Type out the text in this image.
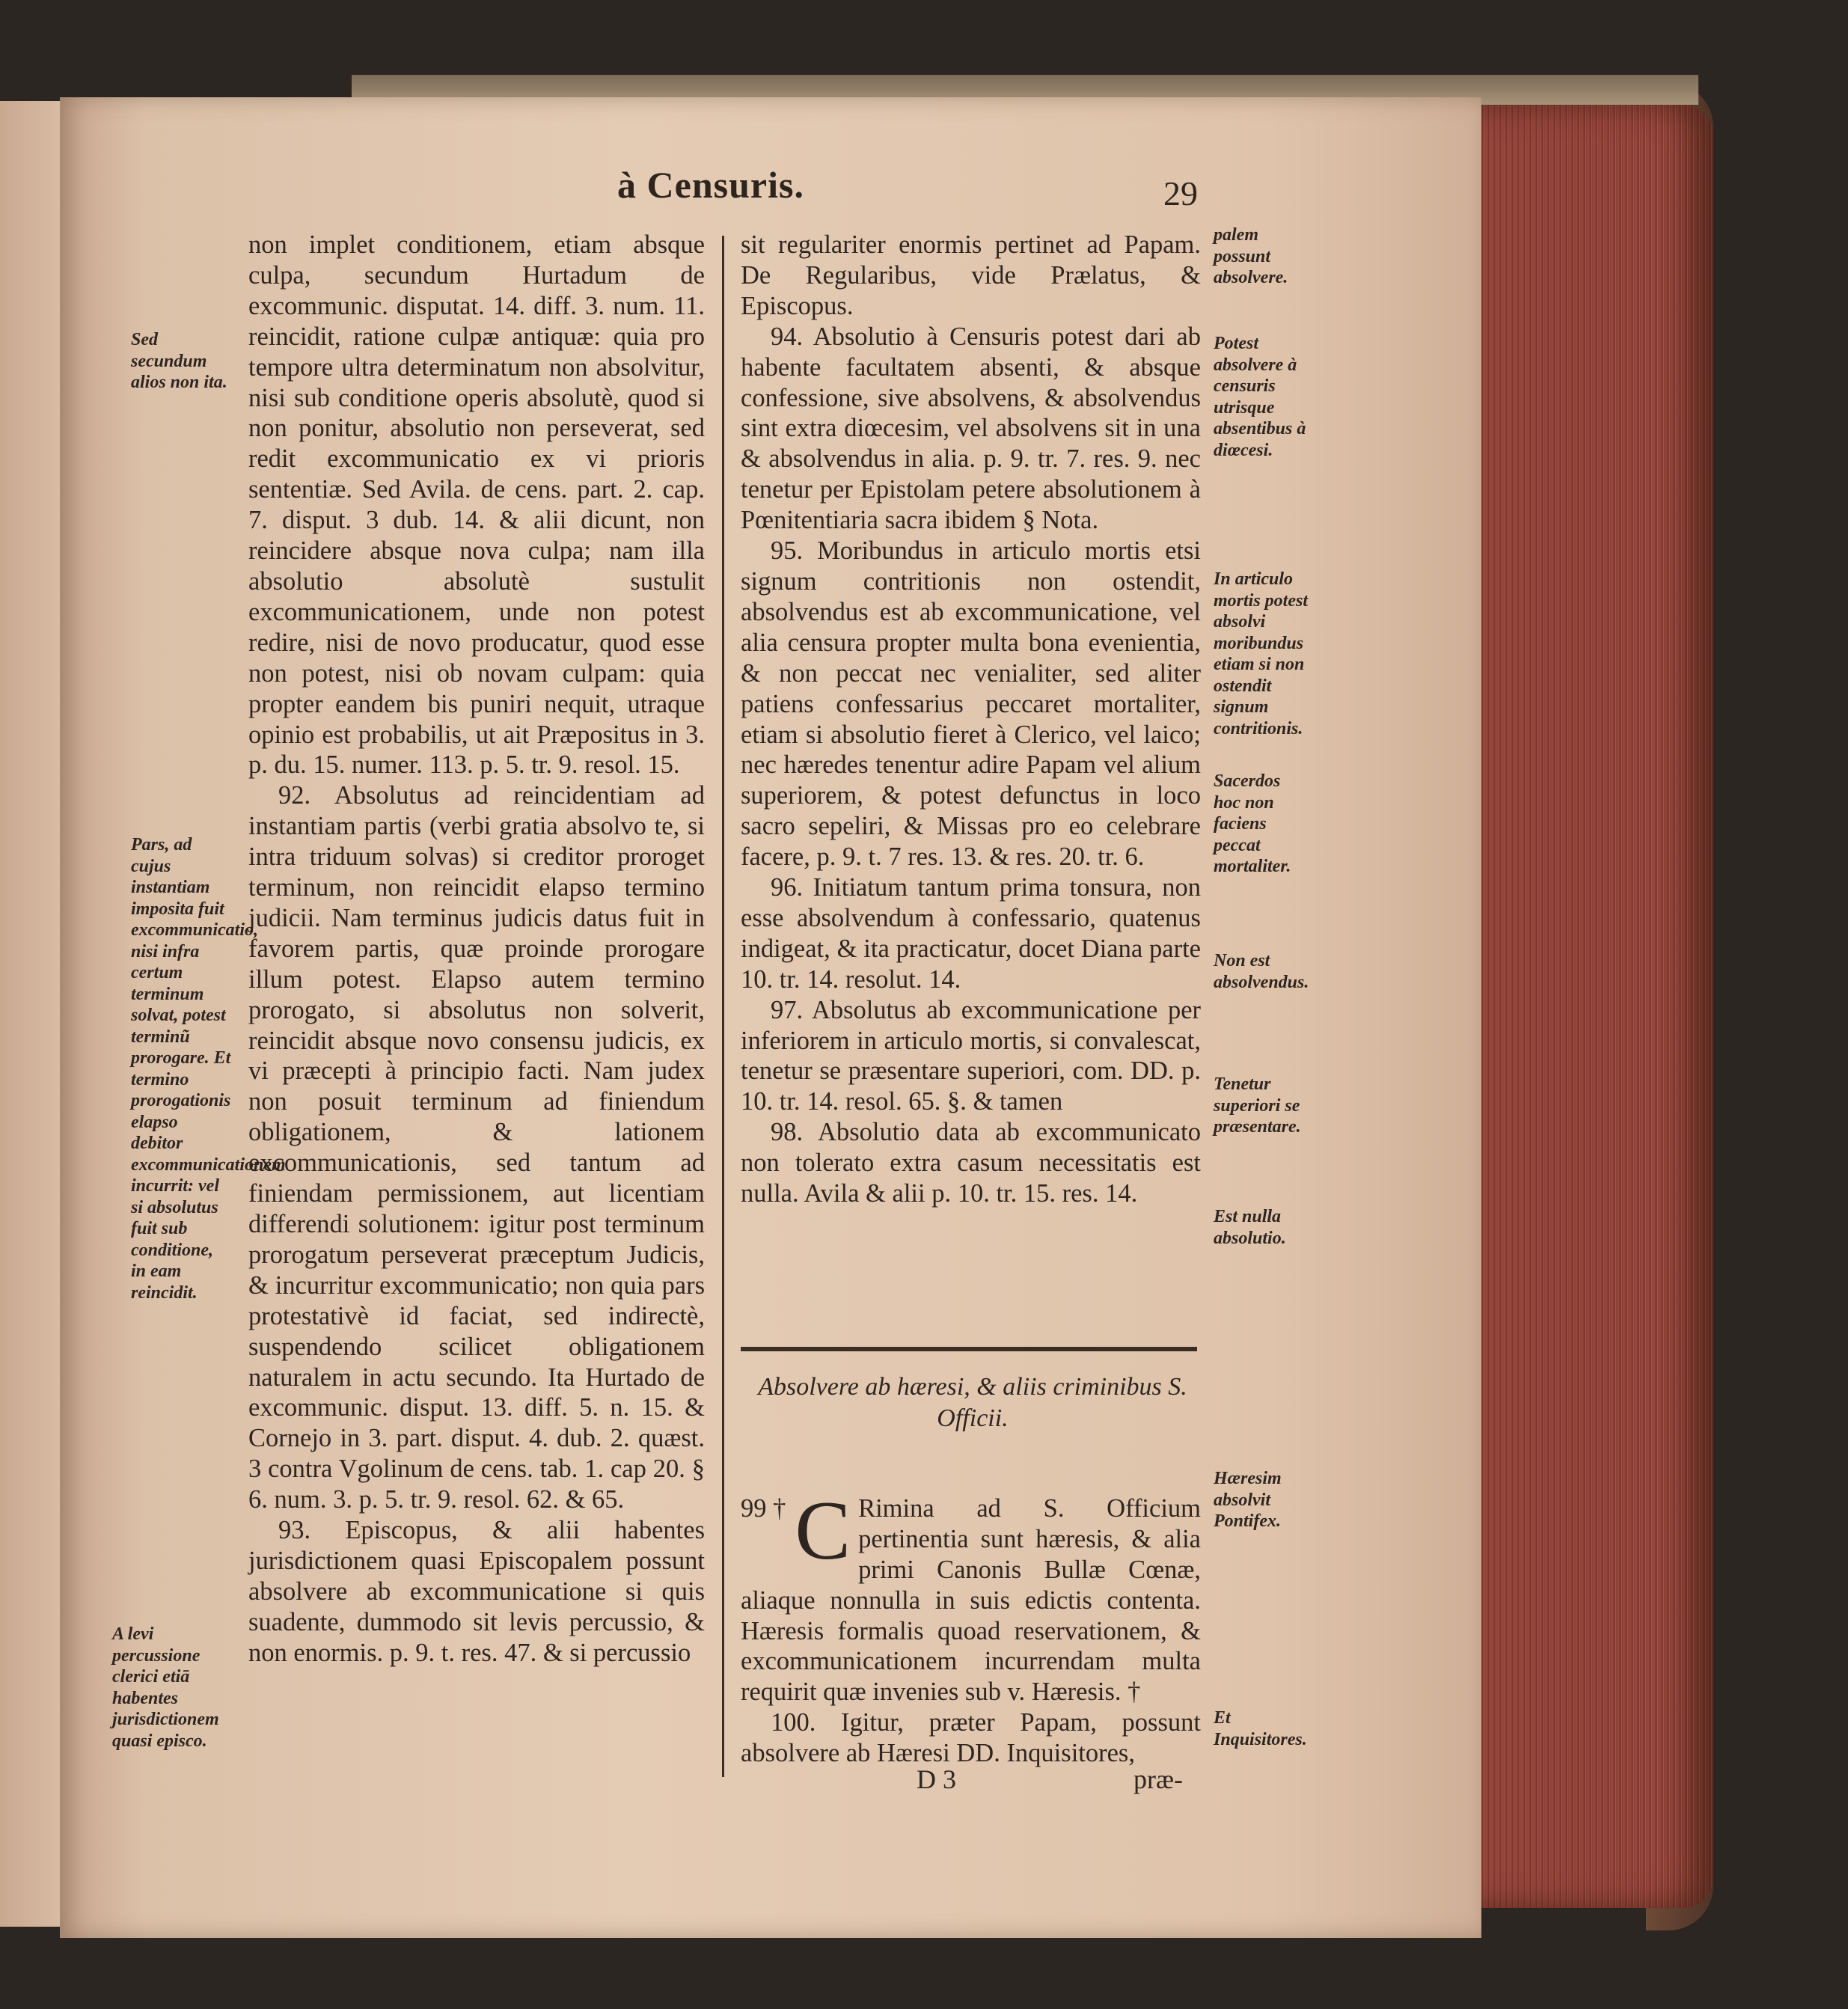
à Censuris.	29

non implet conditionem, etiam absque culpa, secundum Hurtadum de excommunic. disputat. 14. diff. 3. num. 11. reincidit, ratione culpæ antiquæ: quia pro tempore ultra determinatum non absolvitur, nisi sub conditione operis absolutè, quod si non ponitur, absolutio non perseverat, sed redit excommunicatio ex vi prioris sententiæ. Sed Avila. de cens. part. 2. cap. 7. disput. 3 dub. 14. & alii dicunt, non reincidere absque nova culpa; nam illa absolutio absolutè sustulit excommunicationem, unde non potest redire, nisi de novo producatur, quod esse non potest, nisi ob novam culpam: quia propter eandem bis puniri nequit, utraque opinio est probabilis, ut ait Præpositus in 3. p. du. 15. numer. 113. p. 5. tr. 9. resol. 15.

92. Absolutus ad reincidentiam ad instantiam partis (verbi gratia absolvo te, si intra triduum solvas) si creditor proroget terminum, non reincidit elapso termino judicii. Nam terminus judicis datus fuit in favorem partis, quæ proinde prorogare illum potest. Elapso autem termino prorogato, si absolutus non solverit, reincidit absque novo consensu judicis, ex vi præcepti à principio facti. Nam judex non posuit terminum ad finiendum obligationem, & lationem excommunicationis, sed tantum ad finiendam permissionem, aut licentiam differendi solutionem: igitur post terminum prorogatum perseverat præceptum Judicis, & incurritur excommunicatio; non quia pars protestativè id faciat, sed indirectè, suspendendo scilicet obligationem naturalem in actu secundo. Ita Hurtado de excommunic. disput. 13. diff. 5. n. 15. & Cornejo in 3. part. disput. 4. dub. 2. quæst. 3 contra Vgolinum de cens. tab. 1. cap 20. § 6. num. 3. p. 5. tr. 9. resol. 62. & 65.

93. Episcopus, & alii habentes jurisdictionem quasi Episcopalem possunt absolvere ab excommunicatione si quis suadente, dummodo sit levis percussio, & non enormis. p. 9. t. res. 47. & si percussio

sit regulariter enormis pertinet ad Papam. De Regularibus, vide Prælatus, & Episcopus.

94. Absolutio à Censuris potest dari ab habente facultatem absenti, & absque confessione, sive absolvens, & absolvendus sint extra diœcesim, vel absolvens sit in una & absolvendus in alia. p. 9. tr. 7. res. 9. nec tenetur per Epistolam petere absolutionem à Pœnitentiaria sacra ibidem § Nota.

95. Moribundus in articulo mortis etsi signum contritionis non ostendit, absolvendus est ab excommunicatione, vel alia censura propter multa bona evenientia, & non peccat nec venialiter, sed aliter patiens confessarius peccaret mortaliter, etiam si absolutio fieret à Clerico, vel laico; nec hæredes tenentur adire Papam vel alium superiorem, & potest defunctus in loco sacro sepeliri, & Missas pro eo celebrare facere, p. 9. t. 7 res. 13. & res. 20. tr. 6.

96. Initiatum tantum prima tonsura, non esse absolvendum à confessario, quatenus indigeat, & ita practicatur, docet Diana parte 10. tr. 14. resolut. 14.

97. Absolutus ab excommunicatione per inferiorem in articulo mortis, si convalescat, tenetur se præsentare superiori, com. DD. p. 10. tr. 14. resol. 65. §. & tamen

98. Absolutio data ab excommunicato non tolerato extra casum necessitatis est nulla. Avila & alii p. 10. tr. 15. res. 14.

Absolvere ab hæresi, & aliis criminibus S. Officii.

99 † C Rimina ad S. Officium pertinentia sunt hæresis, & alia primi Canonis Bullæ Cœnæ, aliaque nonnulla in suis edictis contenta. Hæresis formalis quoad reservationem, & excommunicationem incurrendam multa requirit quæ invenies sub v. Hæresis. †

100. Igitur, præter Papam, possunt absolvere ab Hæresi DD. Inquisitores,

Sed secundum alios non ita.
Pars, ad cujus instantiam imposita fuit excommunicatio, nisi infra certum terminum solvat, potest terminũ prorogare. Et termino prorogationis elapso debitor excommunicationem incurrit: vel si absolutus fuit sub conditione, in eam reincidit.
A levi percussione clerici etiā habentes jurisdictionem quasi episco.
palem possunt absolvere.
Potest absolvere à censuris utrisque absentibus à diœcesi.
In articulo mortis potest absolvi moribundus etiam si non ostendit signum contritionis.
Sacerdos hoc non faciens peccat mortaliter.
Non est absolvendus.
Tenetur superiori se præsentare.
Est nulla absolutio.
Hæresim absolvit Pontifex.
Et Inquisitores.
D 3	præ-
